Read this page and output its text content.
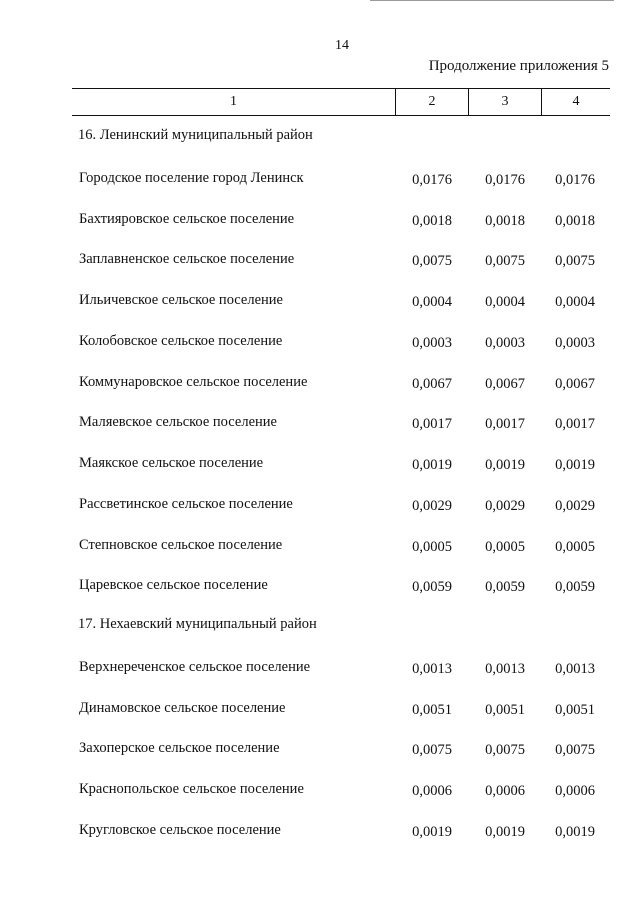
14
Продолжение приложения 5
1	2	3	4
16. Ленинский муниципальный район
Городское поселение город Ленинск	0,0176	0,0176	0,0176
Бахтияровское сельское поселение	0,0018	0,0018	0,0018
Заплавненское сельское поселение	0,0075	0,0075	0,0075
Ильичевское сельское поселение	0,0004	0,0004	0,0004
Колобовское сельское поселение	0,0003	0,0003	0,0003
Коммунаровское сельское поселение	0,0067	0,0067	0,0067
Маляевское сельское поселение	0,0017	0,0017	0,0017
Маякское сельское поселение	0,0019	0,0019	0,0019
Рассветинское сельское поселение	0,0029	0,0029	0,0029
Степновское сельское поселение	0,0005	0,0005	0,0005
Царевское сельское поселение	0,0059	0,0059	0,0059
17. Нехаевский муниципальный район
Верхнереченское сельское поселение	0,0013	0,0013	0,0013
Динамовское сельское поселение	0,0051	0,0051	0,0051
Захоперское сельское поселение	0,0075	0,0075	0,0075
Краснопольское сельское поселение	0,0006	0,0006	0,0006
Кругловское сельское поселение	0,0019	0,0019	0,0019
